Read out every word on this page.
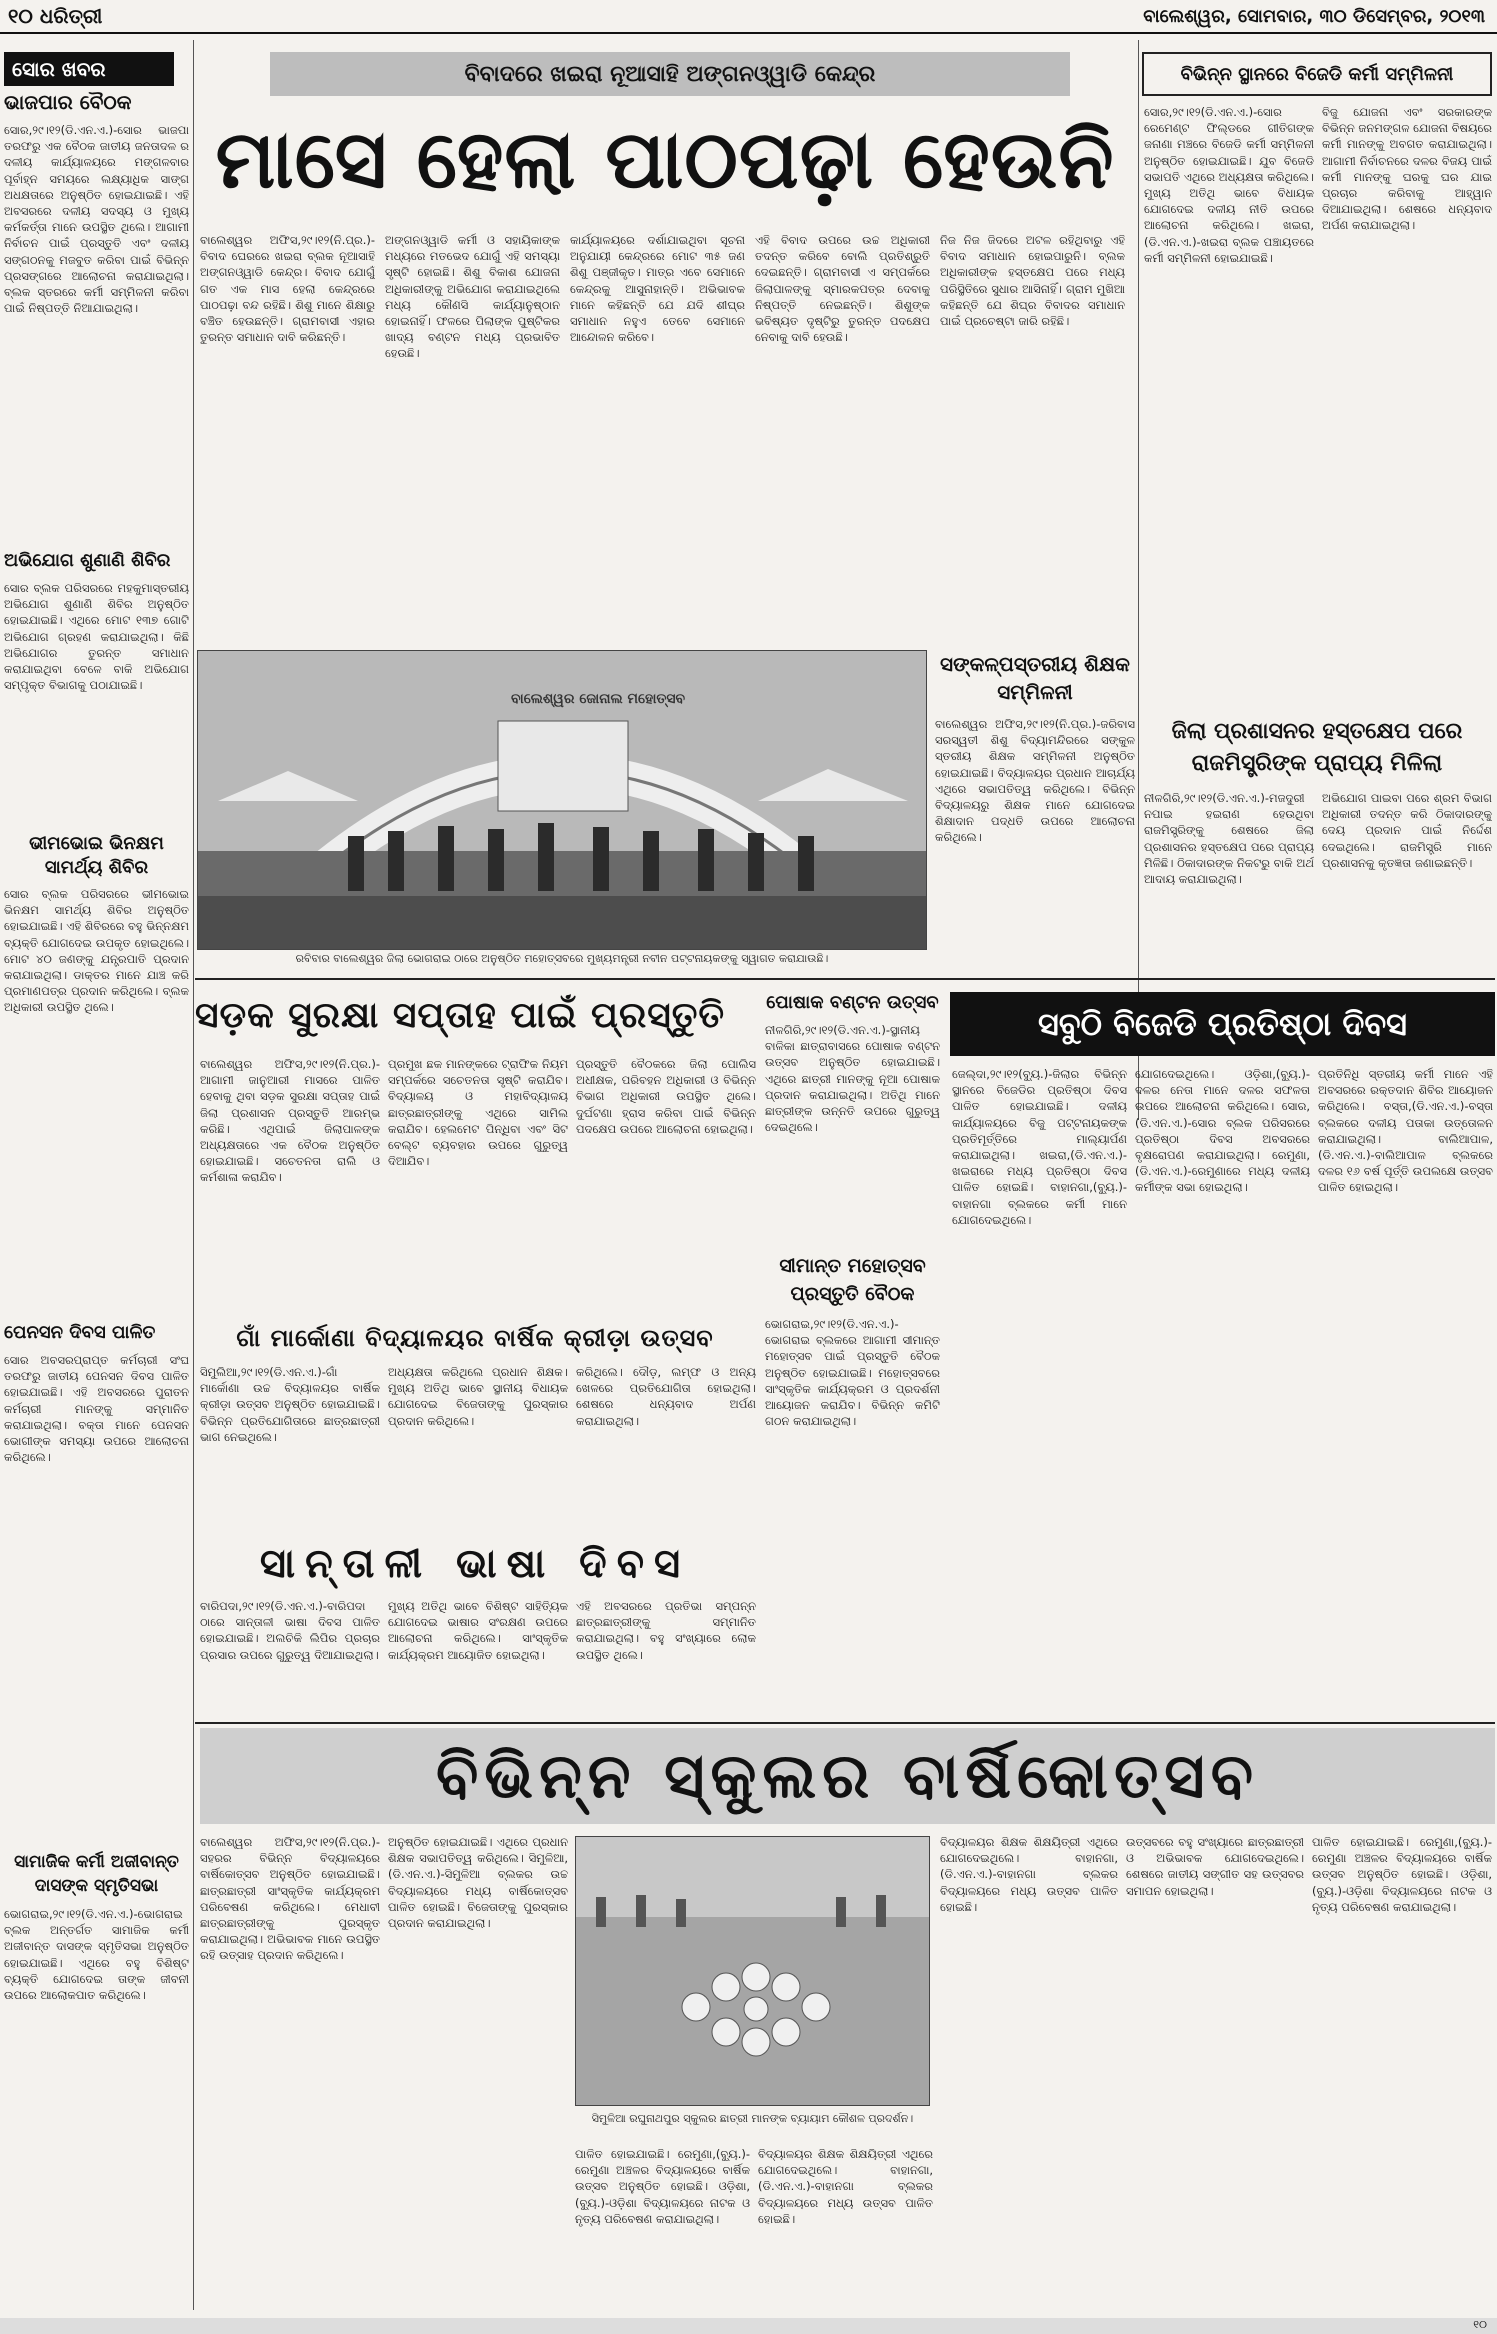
୧୦ ଧରିତ୍ରୀ	ବାଲେଶ୍ୱର, ସୋମବାର, ୩୦ ଡିସେମ୍ବର, ୨୦୧୩
ସୋର ଖବର
ଭାଜପାର ବୈଠକ
ସୋର,୨୯।୧୨(ଡି.ଏନ.ଏ.)-ସୋର ଭାଜପା ତରଫରୁ ଏକ ବୈଠକ ଜାତୀୟ ଜନତାଦଳ ର ଦଳୀୟ କାର୍ଯ୍ୟାଳୟରେ ମଙ୍ଗଳବାର ପୂର୍ବାହ୍ନ ସମୟରେ ଲକ୍ଷ୍ୟାଧିକ ସାଙ୍ଗ ଅଧକ୍ଷତାରେ ଅନୁଷ୍ଠିତ ହୋଇଯାଇଛି। ଏହି ଅବସରରେ ଦଳୀୟ ସଦସ୍ୟ ଓ ମୁଖ୍ୟ କର୍ମକର୍ତ୍ତା ମାନେ ଉପସ୍ଥିତ ଥିଲେ। ଆଗାମୀ ନିର୍ବାଚନ ପାଇଁ ପ୍ରସ୍ତୁତି ଏବଂ ଦଳୀୟ ସଙ୍ଗଠନକୁ ମଜବୁତ କରିବା ପାଇଁ ବିଭିନ୍ନ ପ୍ରସଙ୍ଗରେ ଆଲୋଚନା କରାଯାଇଥିଲା। ବ୍ଲକ ସ୍ତରରେ କର୍ମୀ ସମ୍ମିଳନୀ କରିବା ପାଇଁ ନିଷ୍ପତ୍ତି ନିଆଯାଇଥିଲା।
ଅଭିଯୋଗ ଶୁଣାଣି ଶିବିର
ସୋର ବ୍ଲକ ପରିସରରେ ମହକୁମାସ୍ତରୀୟ ଅଭିଯୋଗ ଶୁଣାଣି ଶିବିର ଅନୁଷ୍ଠିତ ହୋଇଯାଇଛି। ଏଥିରେ ମୋଟ ୧୩୭ ଗୋଟି ଅଭିଯୋଗ ଗ୍ରହଣ କରାଯାଇଥିଲା। କିଛି ଅଭିଯୋଗର ତୁରନ୍ତ ସମାଧାନ କରାଯାଇଥିବା ବେଳେ ବାକି ଅଭିଯୋଗ ସମ୍ପୃକ୍ତ ବିଭାଗକୁ ପଠାଯାଇଛି।
ଭୀମଭୋଇ ଭିନକ୍ଷମ ସାମର୍ଥ୍ୟ ଶିବିର
ସୋର ବ୍ଲକ ପରିସରରେ ଭୀମଭୋଇ ଭିନକ୍ଷମ ସାମର୍ଥ୍ୟ ଶିବିର ଅନୁଷ୍ଠିତ ହୋଇଯାଇଛି। ଏହି ଶିବିରରେ ବହୁ ଭିନ୍ନକ୍ଷମ ବ୍ୟକ୍ତି ଯୋଗଦେଇ ଉପକୃତ ହୋଇଥିଲେ। ମୋଟ ୪୦ ଜଣଙ୍କୁ ଯନ୍ତ୍ରପାତି ପ୍ରଦାନ କରାଯାଇଥିଲା। ଡାକ୍ତର ମାନେ ଯାଞ୍ଚ କରି ପ୍ରମାଣପତ୍ର ପ୍ରଦାନ କରିଥିଲେ। ବ୍ଲକ ଅଧିକାରୀ ଉପସ୍ଥିତ ଥିଲେ।
ପେନସନ ଦିବସ ପାଳିତ
ସୋର ଅବସରପ୍ରାପ୍ତ କର୍ମଚାରୀ ସଂଘ ତରଫରୁ ଜାତୀୟ ପେନସନ ଦିବସ ପାଳିତ ହୋଇଯାଇଛି। ଏହି ଅବସରରେ ପୁରାତନ କର୍ମଚାରୀ ମାନଙ୍କୁ ସମ୍ମାନିତ କରାଯାଇଥିଲା। ବକ୍ତା ମାନେ ପେନସନ ଭୋଗୀଙ୍କ ସମସ୍ୟା ଉପରେ ଆଲୋଚନା କରିଥିଲେ।
ସାମାଜିକ କର୍ମୀ ଅଜୀବାନ୍ତ ଦାସଙ୍କ ସ୍ମୃତିସଭା
ଭୋଗରାଇ,୨୯।୧୨(ଡି.ଏନ.ଏ.)-ଭୋଗରାଇ ବ୍ଲକ ଅନ୍ତର୍ଗତ ସାମାଜିକ କର୍ମୀ ଅଜୀବାନ୍ତ ଦାସଙ୍କ ସ୍ମୃତିସଭା ଅନୁଷ୍ଠିତ ହୋଇଯାଇଛି। ଏଥିରେ ବହୁ ବିଶିଷ୍ଟ ବ୍ୟକ୍ତି ଯୋଗଦେଇ ତାଙ୍କ ଜୀବନୀ ଉପରେ ଆଲୋକପାତ କରିଥିଲେ।
ବିବାଦରେ ଖଇରା ନୂଆସାହି ଅଙ୍ଗନଓ୍ୱାଡି କେନ୍ଦ୍ର
ମାସେ ହେଲା ପାଠପଢ଼ା ହେଉନି
ବାଲେଶ୍ୱର ଅଫିସ,୨୯।୧୨(ନି.ପ୍ର.)- ବିବାଦ ଘେରରେ ଖଇରା ବ୍ଲକ ନୂଆସାହି ଅଙ୍ଗନଓ୍ୱାଡି କେନ୍ଦ୍ର। ବିବାଦ ଯୋଗୁଁ ଗତ ଏକ ମାସ ହେଲା କେନ୍ଦ୍ରରେ ପାଠପଢ଼ା ବନ୍ଦ ରହିଛି। ଶିଶୁ ମାନେ ଶିକ୍ଷାରୁ ବଞ୍ଚିତ ହେଉଛନ୍ତି। ଗ୍ରାମବାସୀ ଏହାର ତୁରନ୍ତ ସମାଧାନ ଦାବି କରିଛନ୍ତି।
ଅଙ୍ଗନଓ୍ୱାଡି କର୍ମୀ ଓ ସହାୟିକାଙ୍କ ମଧ୍ୟରେ ମତଭେଦ ଯୋଗୁଁ ଏହି ସମସ୍ୟା ସୃଷ୍ଟି ହୋଇଛି। ଶିଶୁ ବିକାଶ ଯୋଜନା ଅଧିକାରୀଙ୍କୁ ଅଭିଯୋଗ କରାଯାଇଥିଲେ ମଧ୍ୟ କୌଣସି କାର୍ଯ୍ୟାନୁଷ୍ଠାନ ହୋଇନାହିଁ। ଫଳରେ ପିଲାଙ୍କ ପୁଷ୍ଟିକର ଖାଦ୍ୟ ବଣ୍ଟନ ମଧ୍ୟ ପ୍ରଭାବିତ ହେଉଛି।
କାର୍ଯ୍ୟାଳୟରେ ଦର୍ଶାଯାଇଥିବା ସୂଚନା ଅନୁଯାୟୀ କେନ୍ଦ୍ରରେ ମୋଟ ୩୫ ଜଣ ଶିଶୁ ପଞ୍ଜୀକୃତ। ମାତ୍ର ଏବେ ସେମାନେ କେନ୍ଦ୍ରକୁ ଆସୁନାହାନ୍ତି। ଅଭିଭାବକ ମାନେ କହିଛନ୍ତି ଯେ ଯଦି ଶୀଘ୍ର ସମାଧାନ ନହୁଏ ତେବେ ସେମାନେ ଆନ୍ଦୋଳନ କରିବେ।
ଏହି ବିବାଦ ଉପରେ ଉଚ୍ଚ ଅଧିକାରୀ ତଦନ୍ତ କରିବେ ବୋଲି ପ୍ରତିଶ୍ରୁତି ଦେଇଛନ୍ତି। ଗ୍ରାମବାସୀ ଏ ସମ୍ପର୍କରେ ଜିଲାପାଳଙ୍କୁ ସ୍ମାରକପତ୍ର ଦେବାକୁ ନିଷ୍ପତ୍ତି ନେଇଛନ୍ତି। ଶିଶୁଙ୍କ ଭବିଷ୍ୟତ ଦୃଷ୍ଟିରୁ ତୁରନ୍ତ ପଦକ୍ଷେପ ନେବାକୁ ଦାବି ହେଉଛି।
ନିଜ ନିଜ ଜିଦରେ ଅଟଳ ରହିଥିବାରୁ ଏହି ବିବାଦ ସମାଧାନ ହୋଇପାରୁନି। ବ୍ଲକ ଅଧିକାରୀଙ୍କ ହସ୍ତକ୍ଷେପ ପରେ ମଧ୍ୟ ପରିସ୍ଥିତିରେ ସୁଧାର ଆସିନାହିଁ। ଗ୍ରାମ ମୁଖିଆ କହିଛନ୍ତି ଯେ ଶିଘ୍ର ବିବାଦର ସମାଧାନ ପାଇଁ ପ୍ରଚେଷ୍ଟା ଜାରି ରହିଛି।
ବାଲେଶ୍ୱର ଜୋନାଲ ମହୋତ୍ସବ
ରବିବାର ବାଲେଶ୍ୱର ଜିଲା ଭୋଗରାଇ ଠାରେ ଅନୁଷ୍ଠିତ ମହୋତ୍ସବରେ ମୁଖ୍ୟମନ୍ତ୍ରୀ ନବୀନ ପଟ୍ଟନାୟକଙ୍କୁ ସ୍ୱାଗତ କରାଯାଉଛି।
ସଙ୍କଳ୍ପସ୍ତରୀୟ ଶିକ୍ଷକ ସମ୍ମିଳନୀ
ବାଲେଶ୍ୱର ଅଫିସ,୨୯।୧୨(ନି.ପ୍ର.)-ଜରିବାସ ସରସ୍ୱତୀ ଶିଶୁ ବିଦ୍ୟାମନ୍ଦିରରେ ସଙ୍କୁଳ ସ୍ତରୀୟ ଶିକ୍ଷକ ସମ୍ମିଳନୀ ଅନୁଷ୍ଠିତ ହୋଇଯାଇଛି। ବିଦ୍ୟାଳୟର ପ୍ରଧାନ ଆଚାର୍ଯ୍ୟ ଏଥିରେ ସଭାପତିତ୍ୱ କରିଥିଲେ। ବିଭିନ୍ନ ବିଦ୍ୟାଳୟରୁ ଶିକ୍ଷକ ମାନେ ଯୋଗଦେଇ ଶିକ୍ଷାଦାନ ପଦ୍ଧତି ଉପରେ ଆଲୋଚନା କରିଥିଲେ।
ବିଭିନ୍ନ ସ୍ଥାନରେ ବିଜେଡି କର୍ମୀ ସମ୍ମିଳନୀ
ସୋର,୨୯।୧୨(ଡି.ଏନ.ଏ.)-ସୋର ରେମେଣ୍ଟ ଫିଲ୍ଡରେ ଗୀତିଗଙ୍କ ଜନାଣା ମଞ୍ଚରେ ବିଜେଡି କର୍ମୀ ସମ୍ମିଳନୀ ଅନୁଷ୍ଠିତ ହୋଇଯାଇଛି। ଯୁବ ବିଜେଡି ସଭାପତି ଏଥିରେ ଅଧ୍ୟକ୍ଷତା କରିଥିଲେ। ମୁଖ୍ୟ ଅତିଥି ଭାବେ ବିଧାୟକ ଯୋଗଦେଇ ଦଳୀୟ ନୀତି ଉପରେ ଆଲୋଚନା କରିଥିଲେ। ଖଇରା,(ଡି.ଏନ.ଏ.)-ଖଇରା ବ୍ଲକ ପଞ୍ଚାୟତରେ କର୍ମୀ ସମ୍ମିଳନୀ ହୋଇଯାଇଛି।
ବିଜୁ ଯୋଜନା ଏବଂ ସରକାରଙ୍କ ବିଭିନ୍ନ ଜନମଙ୍ଗଳ ଯୋଜନା ବିଷୟରେ କର୍ମୀ ମାନଙ୍କୁ ଅବଗତ କରାଯାଇଥିଲା। ଆଗାମୀ ନିର୍ବାଚନରେ ଦଳର ବିଜୟ ପାଇଁ କର୍ମୀ ମାନଙ୍କୁ ଘରକୁ ଘର ଯାଇ ପ୍ରଚାର କରିବାକୁ ଆହ୍ୱାନ ଦିଆଯାଇଥିଲା। ଶେଷରେ ଧନ୍ୟବାଦ ଅର୍ପଣ କରାଯାଇଥିଲା।
ଜିଲା ପ୍ରଶାସନର ହସ୍ତକ୍ଷେପ ପରେ ରାଜମିସ୍ତ୍ରିଙ୍କ ପ୍ରାପ୍ୟ ମିଳିଲା
ନୀଳଗିରି,୨୯।୧୨(ଡି.ଏନ.ଏ.)-ମଜଦୁରୀ ନପାଇ ହଇରାଣ ହେଉଥିବା ରାଜମିସ୍ତ୍ରିଙ୍କୁ ଶେଷରେ ଜିଲା ପ୍ରଶାସନର ହସ୍ତକ୍ଷେପ ପରେ ପ୍ରାପ୍ୟ ମିଳିଛି। ଠିକାଦାରଙ୍କ ନିକଟରୁ ବାକି ଅର୍ଥ ଆଦାୟ କରାଯାଇଥିଲା।
ଅଭିଯୋଗ ପାଇବା ପରେ ଶ୍ରମ ବିଭାଗ ଅଧିକାରୀ ତଦନ୍ତ କରି ଠିକାଦାରଙ୍କୁ ଦେୟ ପ୍ରଦାନ ପାଇଁ ନିର୍ଦ୍ଦେଶ ଦେଇଥିଲେ। ରାଜମିସ୍ତ୍ରି ମାନେ ପ୍ରଶାସନକୁ କୃତଜ୍ଞତା ଜଣାଇଛନ୍ତି।
ସଡ଼କ ସୁରକ୍ଷା ସପ୍ତାହ ପାଇଁ ପ୍ରସ୍ତୁତି
ବାଲେଶ୍ୱର ଅଫିସ,୨୯।୧୨(ନି.ପ୍ର.)-ଆଗାମୀ ଜାନୁଆରୀ ମାସରେ ପାଳିତ ହେବାକୁ ଥିବା ସଡ଼କ ସୁରକ୍ଷା ସପ୍ତାହ ପାଇଁ ଜିଲା ପ୍ରଶାସନ ପ୍ରସ୍ତୁତି ଆରମ୍ଭ କରିଛି। ଏଥିପାଇଁ ଜିଲାପାଳଙ୍କ ଅଧ୍ୟକ୍ଷତାରେ ଏକ ବୈଠକ ଅନୁଷ୍ଠିତ ହୋଇଯାଇଛି। ସଚେତନତା ରାଲି ଓ କର୍ମଶାଳା କରାଯିବ।
ପ୍ରମୁଖ ଛକ ମାନଙ୍କରେ ଟ୍ରାଫିକ ନିୟମ ସମ୍ପର୍କରେ ସଚେତନତା ସୃଷ୍ଟି କରାଯିବ। ବିଦ୍ୟାଳୟ ଓ ମହାବିଦ୍ୟାଳୟ ଛାତ୍ରଛାତ୍ରୀଙ୍କୁ ଏଥିରେ ସାମିଲ କରାଯିବ। ହେଲମେଟ ପିନ୍ଧିବା ଏବଂ ସିଟ ବେଲ୍ଟ ବ୍ୟବହାର ଉପରେ ଗୁରୁତ୍ୱ ଦିଆଯିବ।
ପ୍ରସ୍ତୁତି ବୈଠକରେ ଜିଲା ପୋଲିସ ଅଧୀକ୍ଷକ, ପରିବହନ ଅଧିକାରୀ ଓ ବିଭିନ୍ନ ବିଭାଗ ଅଧିକାରୀ ଉପସ୍ଥିତ ଥିଲେ। ଦୁର୍ଘଟଣା ହ୍ରାସ କରିବା ପାଇଁ ବିଭିନ୍ନ ପଦକ୍ଷେପ ଉପରେ ଆଲୋଚନା ହୋଇଥିଲା।
ପୋଷାକ ବଣ୍ଟନ ଉତ୍ସବ
ନୀଳଗିରି,୨୯।୧୨(ଡି.ଏନ.ଏ.)-ସ୍ଥାନୀୟ ବାଳିକା ଛାତ୍ରାବାସରେ ପୋଷାକ ବଣ୍ଟନ ଉତ୍ସବ ଅନୁଷ୍ଠିତ ହୋଇଯାଇଛି। ଏଥିରେ ଛାତ୍ରୀ ମାନଙ୍କୁ ନୂଆ ପୋଷାକ ପ୍ରଦାନ କରାଯାଇଥିଲା। ଅତିଥି ମାନେ ଛାତ୍ରୀଙ୍କ ଉନ୍ନତି ଉପରେ ଗୁରୁତ୍ୱ ଦେଇଥିଲେ।
ସୀମାନ୍ତ ମହୋତ୍ସବ ପ୍ରସ୍ତୁତି ବୈଠକ
ଭୋଗରାଇ,୨୯।୧୨(ଡି.ଏନ.ଏ.)-ଭୋଗରାଇ ବ୍ଲକରେ ଆଗାମୀ ସୀମାନ୍ତ ମହୋତ୍ସବ ପାଇଁ ପ୍ରସ୍ତୁତି ବୈଠକ ଅନୁଷ୍ଠିତ ହୋଇଯାଇଛି। ମହୋତ୍ସବରେ ସାଂସ୍କୃତିକ କାର୍ଯ୍ୟକ୍ରମ ଓ ପ୍ରଦର୍ଶନୀ ଆୟୋଜନ କରାଯିବ। ବିଭିନ୍ନ କମିଟି ଗଠନ କରାଯାଇଥିଲା।
ସବୁଠି ବିଜେଡି ପ୍ରତିଷ୍ଠା ଦିବସ
ଜେଲ୍ଦା,୨୯।୧୨(ବ୍ୟୁ.)-ଜିଲାର ବିଭିନ୍ନ ସ୍ଥାନରେ ବିଜେଡିର ପ୍ରତିଷ୍ଠା ଦିବସ ପାଳିତ ହୋଇଯାଇଛି। ଦଳୀୟ କାର୍ଯ୍ୟାଳୟରେ ବିଜୁ ପଟ୍ଟନାୟକଙ୍କ ପ୍ରତିମୂର୍ତ୍ତିରେ ମାଲ୍ୟାର୍ପଣ କରାଯାଇଥିଲା। ଖଇରା,(ଡି.ଏନ.ଏ.)-ଖଇରାରେ ମଧ୍ୟ ପ୍ରତିଷ୍ଠା ଦିବସ ପାଳିତ ହୋଇଛି। ବାହାନଗା,(ବ୍ୟୁ.)-ବାହାନଗା ବ୍ଲକରେ କର୍ମୀ ମାନେ ଯୋଗଦେଇଥିଲେ।
ଯୋଗଦେଇଥିଲେ। ଓଡ଼ିଶା,(ବ୍ୟୁ.)- ଦଳର ନେତା ମାନେ ଦଳର ସଫଳତା ଉପରେ ଆଲୋଚନା କରିଥିଲେ। ସୋର,(ଡି.ଏନ.ଏ.)-ସୋର ବ୍ଲକ ପରିସରରେ ପ୍ରତିଷ୍ଠା ଦିବସ ଅବସରରେ ବୃକ୍ଷରୋପଣ କରାଯାଇଥିଲା। ରେମୁଣା,(ଡି.ଏନ.ଏ.)-ରେମୁଣାରେ ମଧ୍ୟ ଦଳୀୟ କର୍ମୀଙ୍କ ସଭା ହୋଇଥିଲା।
ପ୍ରତିନିଧି ସ୍ତରୀୟ କର୍ମୀ ମାନେ ଏହି ଅବସରରେ ରକ୍ତଦାନ ଶିବିର ଆୟୋଜନ କରିଥିଲେ। ବସ୍ତା,(ଡି.ଏନ.ଏ.)-ବସ୍ତା ବ୍ଲକରେ ଦଳୀୟ ପତାକା ଉତ୍ତୋଳନ କରାଯାଇଥିଲା। ବାଲିଆପାଳ,(ଡି.ଏନ.ଏ.)-ବାଲିଆପାଳ ବ୍ଲକରେ ଦଳର ୧୬ ବର୍ଷ ପୂର୍ତ୍ତି ଉପଲକ୍ଷେ ଉତ୍ସବ ପାଳିତ ହୋଇଥିଲା।
ଗାଁ ମାର୍କୋଣା ବିଦ୍ୟାଳୟର ବାର୍ଷିକ କ୍ରୀଡ଼ା ଉତ୍ସବ
ସିମୁଲିଆ,୨୯।୧୨(ଡି.ଏନ.ଏ.)-ଗାଁ ମାର୍କୋଣା ଉଚ୍ଚ ବିଦ୍ୟାଳୟର ବାର୍ଷିକ କ୍ରୀଡ଼ା ଉତ୍ସବ ଅନୁଷ୍ଠିତ ହୋଇଯାଇଛି। ବିଭିନ୍ନ ପ୍ରତିଯୋଗିତାରେ ଛାତ୍ରଛାତ୍ରୀ ଭାଗ ନେଇଥିଲେ।
ଅଧ୍ୟକ୍ଷତା କରିଥିଲେ ପ୍ରଧାନ ଶିକ୍ଷକ। ମୁଖ୍ୟ ଅତିଥି ଭାବେ ସ୍ଥାନୀୟ ବିଧାୟକ ଯୋଗଦେଇ ବିଜେତାଙ୍କୁ ପୁରସ୍କାର ପ୍ରଦାନ କରିଥିଲେ।
କରିଥିଲେ। ଦୌଡ଼, ଲମ୍ଫ ଓ ଅନ୍ୟ ଖେଳରେ ପ୍ରତିଯୋଗିତା ହୋଇଥିଲା। ଶେଷରେ ଧନ୍ୟବାଦ ଅର୍ପଣ କରାଯାଇଥିଲା।
ସାନ୍ତାଳୀ ଭାଷା ଦିବସ
ବାରିପଦା,୨୯।୧୨(ଡି.ଏନ.ଏ.)-ବାରିପଦା ଠାରେ ସାନ୍ତାଳୀ ଭାଷା ଦିବସ ପାଳିତ ହୋଇଯାଇଛି। ଅଲଚିକି ଲିପିର ପ୍ରଚାର ପ୍ରସାର ଉପରେ ଗୁରୁତ୍ୱ ଦିଆଯାଇଥିଲା।
ମୁଖ୍ୟ ଅତିଥି ଭାବେ ବିଶିଷ୍ଟ ସାହିତ୍ୟିକ ଯୋଗଦେଇ ଭାଷାର ସଂରକ୍ଷଣ ଉପରେ ଆଲୋଚନା କରିଥିଲେ। ସାଂସ୍କୃତିକ କାର୍ଯ୍ୟକ୍ରମ ଆୟୋଜିତ ହୋଇଥିଲା।
ଏହି ଅବସରରେ ପ୍ରତିଭା ସମ୍ପନ୍ନ ଛାତ୍ରଛାତ୍ରୀଙ୍କୁ ସମ୍ମାନିତ କରାଯାଇଥିଲା। ବହୁ ସଂଖ୍ୟାରେ ଲୋକ ଉପସ୍ଥିତ ଥିଲେ।
ବିଭିନ୍ନ ସ୍କୁଲର ବାର୍ଷିକୋତ୍ସବ
ବାଲେଶ୍ୱର ଅଫିସ,୨୯।୧୨(ନି.ପ୍ର.)-ସହରର ବିଭିନ୍ନ ବିଦ୍ୟାଳୟରେ ବାର୍ଷିକୋତ୍ସବ ଅନୁଷ୍ଠିତ ହୋଇଯାଇଛି। ଛାତ୍ରଛାତ୍ରୀ ସାଂସ୍କୃତିକ କାର୍ଯ୍ୟକ୍ରମ ପରିବେଷଣ କରିଥିଲେ। ମେଧାବୀ ଛାତ୍ରଛାତ୍ରୀଙ୍କୁ ପୁରସ୍କୃତ କରାଯାଇଥିଲା। ଅଭିଭାବକ ମାନେ ଉପସ୍ଥିତ ରହି ଉତ୍ସାହ ପ୍ରଦାନ କରିଥିଲେ।
ଅନୁଷ୍ଠିତ ହୋଇଯାଇଛି। ଏଥିରେ ପ୍ରଧାନ ଶିକ୍ଷକ ସଭାପତିତ୍ୱ କରିଥିଲେ। ସିମୁଳିଆ,(ଡି.ଏନ.ଏ.)-ସିମୁଳିଆ ବ୍ଲକର ଉଚ୍ଚ ବିଦ୍ୟାଳୟରେ ମଧ୍ୟ ବାର୍ଷିକୋତ୍ସବ ପାଳିତ ହୋଇଛି। ବିଜେତାଙ୍କୁ ପୁରସ୍କାର ପ୍ରଦାନ କରାଯାଇଥିଲା।
ସିମୁଳିଆ ରଘୁନାଥପୁର ସ୍କୁଲର ଛାତ୍ରୀ ମାନଙ୍କ ବ୍ୟାୟାମ କୌଶଳ ପ୍ରଦର୍ଶନ।
ପାଳିତ ହୋଇଯାଇଛି। ରେମୁଣା,(ବ୍ୟୁ.)-ରେମୁଣା ଅଞ୍ଚଳର ବିଦ୍ୟାଳୟରେ ବାର୍ଷିକ ଉତ୍ସବ ଅନୁଷ୍ଠିତ ହୋଇଛି। ଓଡ଼ିଶା,(ବ୍ୟୁ.)-ଓଡ଼ିଶା ବିଦ୍ୟାଳୟରେ ନାଟକ ଓ ନୃତ୍ୟ ପରିବେଷଣ କରାଯାଇଥିଲା।
ବିଦ୍ୟାଳୟର ଶିକ୍ଷକ ଶିକ୍ଷୟିତ୍ରୀ ଏଥିରେ ଯୋଗଦେଇଥିଲେ। ବାହାନଗା,(ଡି.ଏନ.ଏ.)-ବାହାନଗା ବ୍ଲକର ବିଦ୍ୟାଳୟରେ ମଧ୍ୟ ଉତ୍ସବ ପାଳିତ ହୋଇଛି।
ବିଦ୍ୟାଳୟର ଶିକ୍ଷକ ଶିକ୍ଷୟିତ୍ରୀ ଏଥିରେ ଯୋଗଦେଇଥିଲେ। ବାହାନଗା,(ଡି.ଏନ.ଏ.)-ବାହାନଗା ବ୍ଲକର ବିଦ୍ୟାଳୟରେ ମଧ୍ୟ ଉତ୍ସବ ପାଳିତ ହୋଇଛି।
ଉତ୍ସବରେ ବହୁ ସଂଖ୍ୟାରେ ଛାତ୍ରଛାତ୍ରୀ ଓ ଅଭିଭାବକ ଯୋଗଦେଇଥିଲେ। ଶେଷରେ ଜାତୀୟ ସଙ୍ଗୀତ ସହ ଉତ୍ସବର ସମାପନ ହୋଇଥିଲା।
ପାଳିତ ହୋଇଯାଇଛି। ରେମୁଣା,(ବ୍ୟୁ.)-ରେମୁଣା ଅଞ୍ଚଳର ବିଦ୍ୟାଳୟରେ ବାର୍ଷିକ ଉତ୍ସବ ଅନୁଷ୍ଠିତ ହୋଇଛି। ଓଡ଼ିଶା,(ବ୍ୟୁ.)-ଓଡ଼ିଶା ବିଦ୍ୟାଳୟରେ ନାଟକ ଓ ନୃତ୍ୟ ପରିବେଷଣ କରାଯାଇଥିଲା।
୧୦
